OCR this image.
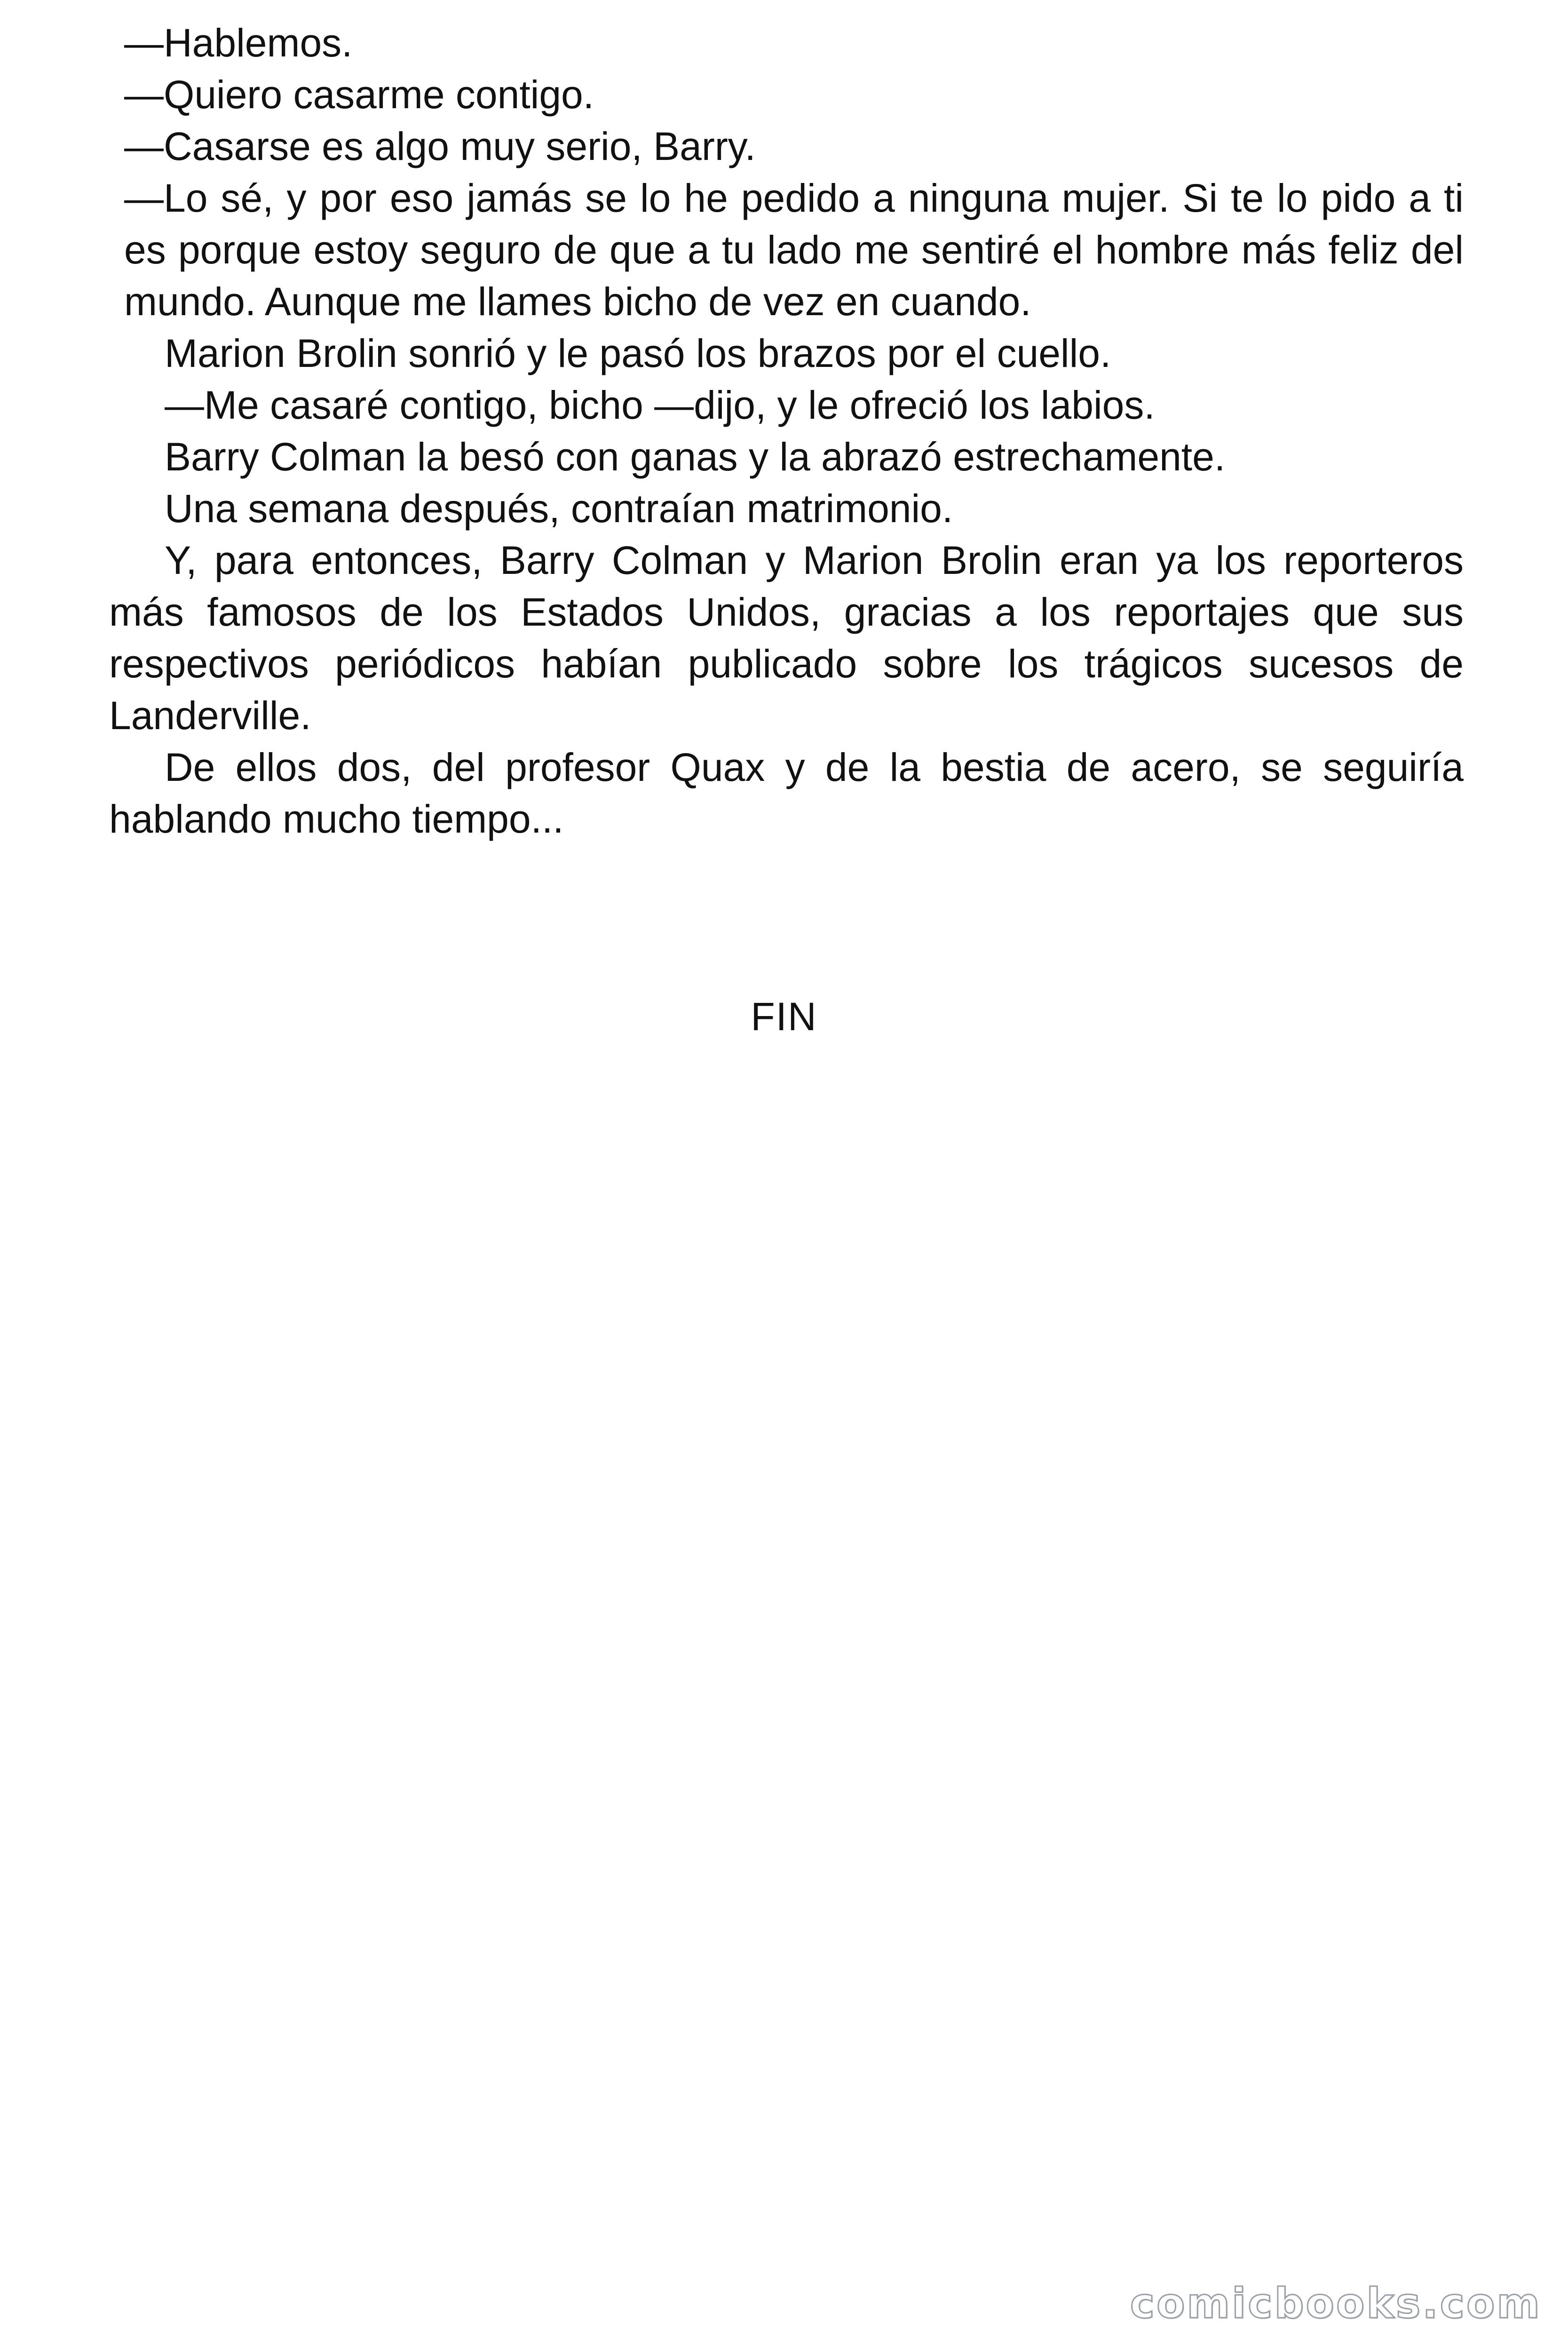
—Hablemos.

—Quiero casarme contigo.

—Casarse es algo muy serio, Barry.

—Lo sé, y por eso jamás se lo he pedido a ninguna mujer. Si te lo pido a ti es porque estoy seguro de que a tu lado me sentiré el hombre más feliz del mundo. Aunque me llames bicho de vez en cuando.

Marion Brolin sonrió y le pasó los brazos por el cuello.

—Me casaré contigo, bicho —dijo, y le ofreció los labios.

Barry Colman la besó con ganas y la abrazó estrechamente.

Una semana después, contraían matrimonio.

Y, para entonces, Barry Colman y Marion Brolin eran ya los reporteros más famosos de los Estados Unidos, gracias a los reportajes que sus respectivos periódicos habían publicado sobre los trágicos sucesos de Landerville.

De ellos dos, del profesor Quax y de la bestia de acero, se seguiría hablando mucho tiempo...

FIN
comicbooks.com
